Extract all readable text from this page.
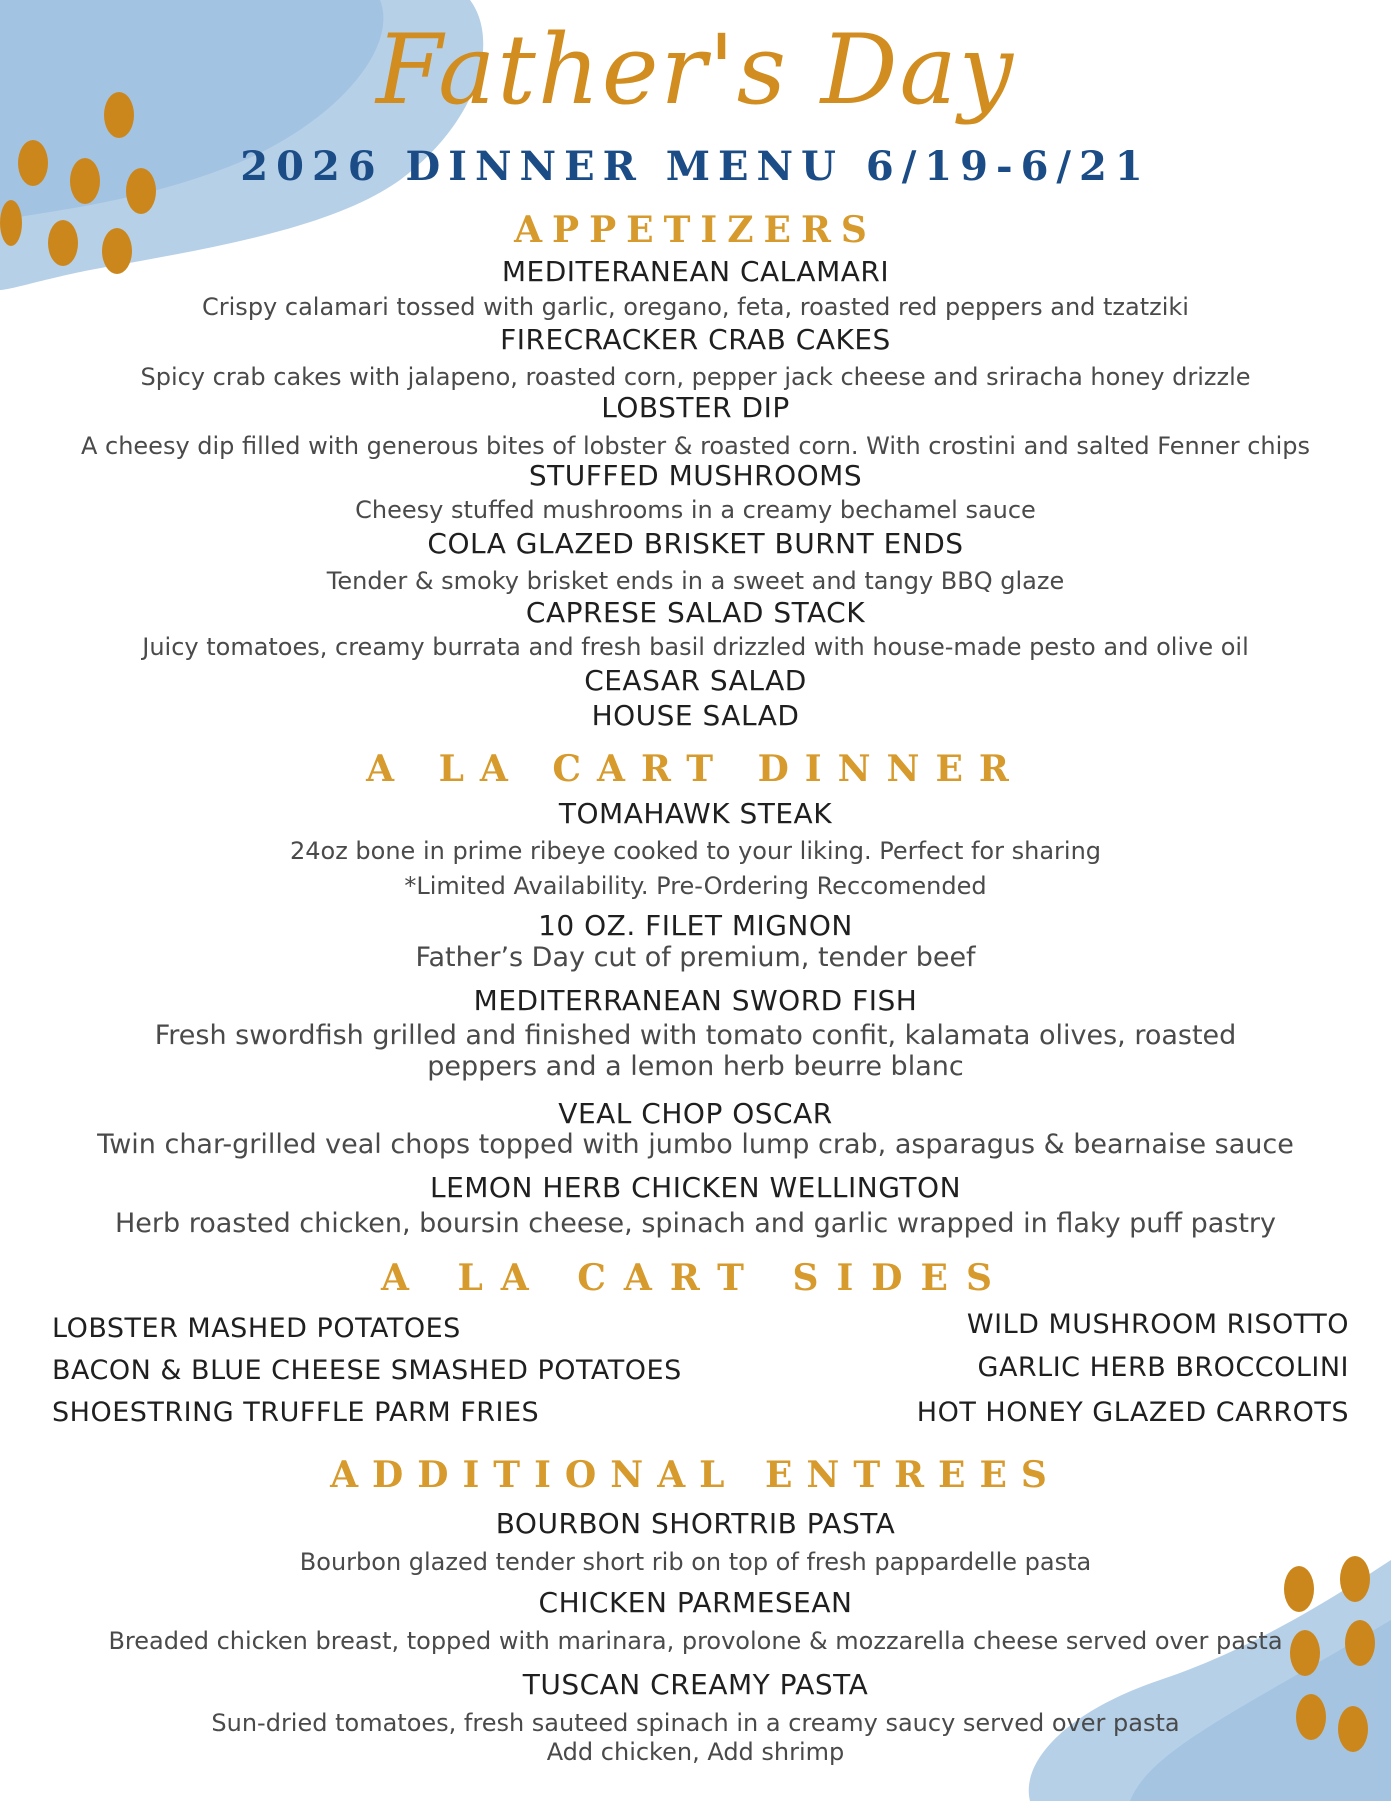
Father's Day
2026 DINNER MENU 6/19-6/21
APPETIZERS
MEDITERANEAN CALAMARI
Crispy calamari tossed with garlic, oregano, feta, roasted red peppers and tzatziki
FIRECRACKER CRAB CAKES
Spicy crab cakes with jalapeno, roasted corn, pepper jack cheese and sriracha honey drizzle
LOBSTER DIP
A cheesy dip filled with generous bites of lobster & roasted corn. With crostini and salted Fenner chips
STUFFED MUSHROOMS
Cheesy stuffed mushrooms in a creamy bechamel sauce
COLA GLAZED BRISKET BURNT ENDS
Tender & smoky brisket ends in a sweet and tangy BBQ glaze
CAPRESE SALAD STACK
Juicy tomatoes, creamy burrata and fresh basil drizzled with house-made pesto and olive oil
CEASAR SALAD
HOUSE SALAD
A LA CART DINNER
TOMAHAWK STEAK
24oz bone in prime ribeye cooked to your liking. Perfect for sharing
*Limited Availability. Pre-Ordering Reccomended
10 OZ. FILET MIGNON
Father’s Day cut of premium, tender beef
MEDITERRANEAN SWORD FISH
Fresh swordfish grilled and finished with tomato confit, kalamata olives, roasted
peppers and a lemon herb beurre blanc
VEAL CHOP OSCAR
Twin char-grilled veal chops topped with jumbo lump crab, asparagus & bearnaise sauce
LEMON HERB CHICKEN WELLINGTON
Herb roasted chicken, boursin cheese, spinach and garlic wrapped in flaky puff pastry
A LA CART SIDES
LOBSTER MASHED POTATOES
BACON & BLUE CHEESE SMASHED POTATOES
SHOESTRING TRUFFLE PARM FRIES
WILD MUSHROOM RISOTTO
GARLIC HERB BROCCOLINI
HOT HONEY GLAZED CARROTS
ADDITIONAL ENTREES
BOURBON SHORTRIB PASTA
Bourbon glazed tender short rib on top of fresh pappardelle pasta
CHICKEN PARMESEAN
Breaded chicken breast, topped with marinara, provolone & mozzarella cheese served over pasta
TUSCAN CREAMY PASTA
Sun-dried tomatoes, fresh sauteed spinach in a creamy saucy served over pasta
Add chicken, Add shrimp
